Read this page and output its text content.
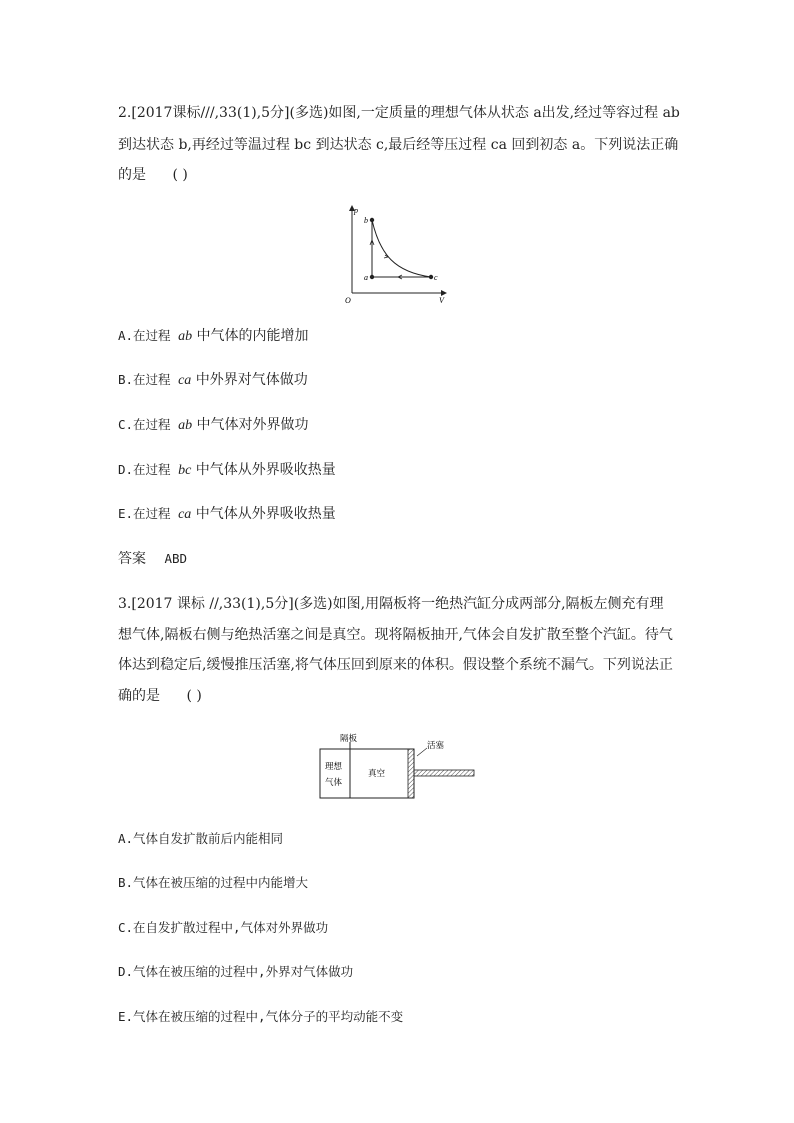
2.[2017课标///,33(1),5分](多选)如图,一定质量的理想气体从状态 a出发,经过等容过程 ab
到达状态 b,再经过等温过程 bc 到达状态 c,最后经等压过程 ca 回到初态 a。下列说法正确
的是 ( )
p
V
O
a
b
c
A.在过程 ab 中气体的内能增加
B.在过程 ca 中外界对气体做功
C.在过程 ab 中气体对外界做功
D.在过程 bc 中气体从外界吸收热量
E.在过程 ca 中气体从外界吸收热量
答案 ABD
3.[2017 课标 //,33(1),5分](多选)如图,用隔板将一绝热汽缸分成两部分,隔板左侧充有理
想气体,隔板右侧与绝热活塞之间是真空。现将隔板抽开,气体会自发扩散至整个汽缸。待气
体达到稳定后,缓慢推压活塞,将气体压回到原来的体积。假设整个系统不漏气。下列说法正
确的是 ( )
隔板
活塞
理想
气体
真空
A.气体自发扩散前后内能相同
B.气体在被压缩的过程中内能增大
C.在自发扩散过程中,气体对外界做功
D.气体在被压缩的过程中,外界对气体做功
E.气体在被压缩的过程中,气体分子的平均动能不变
